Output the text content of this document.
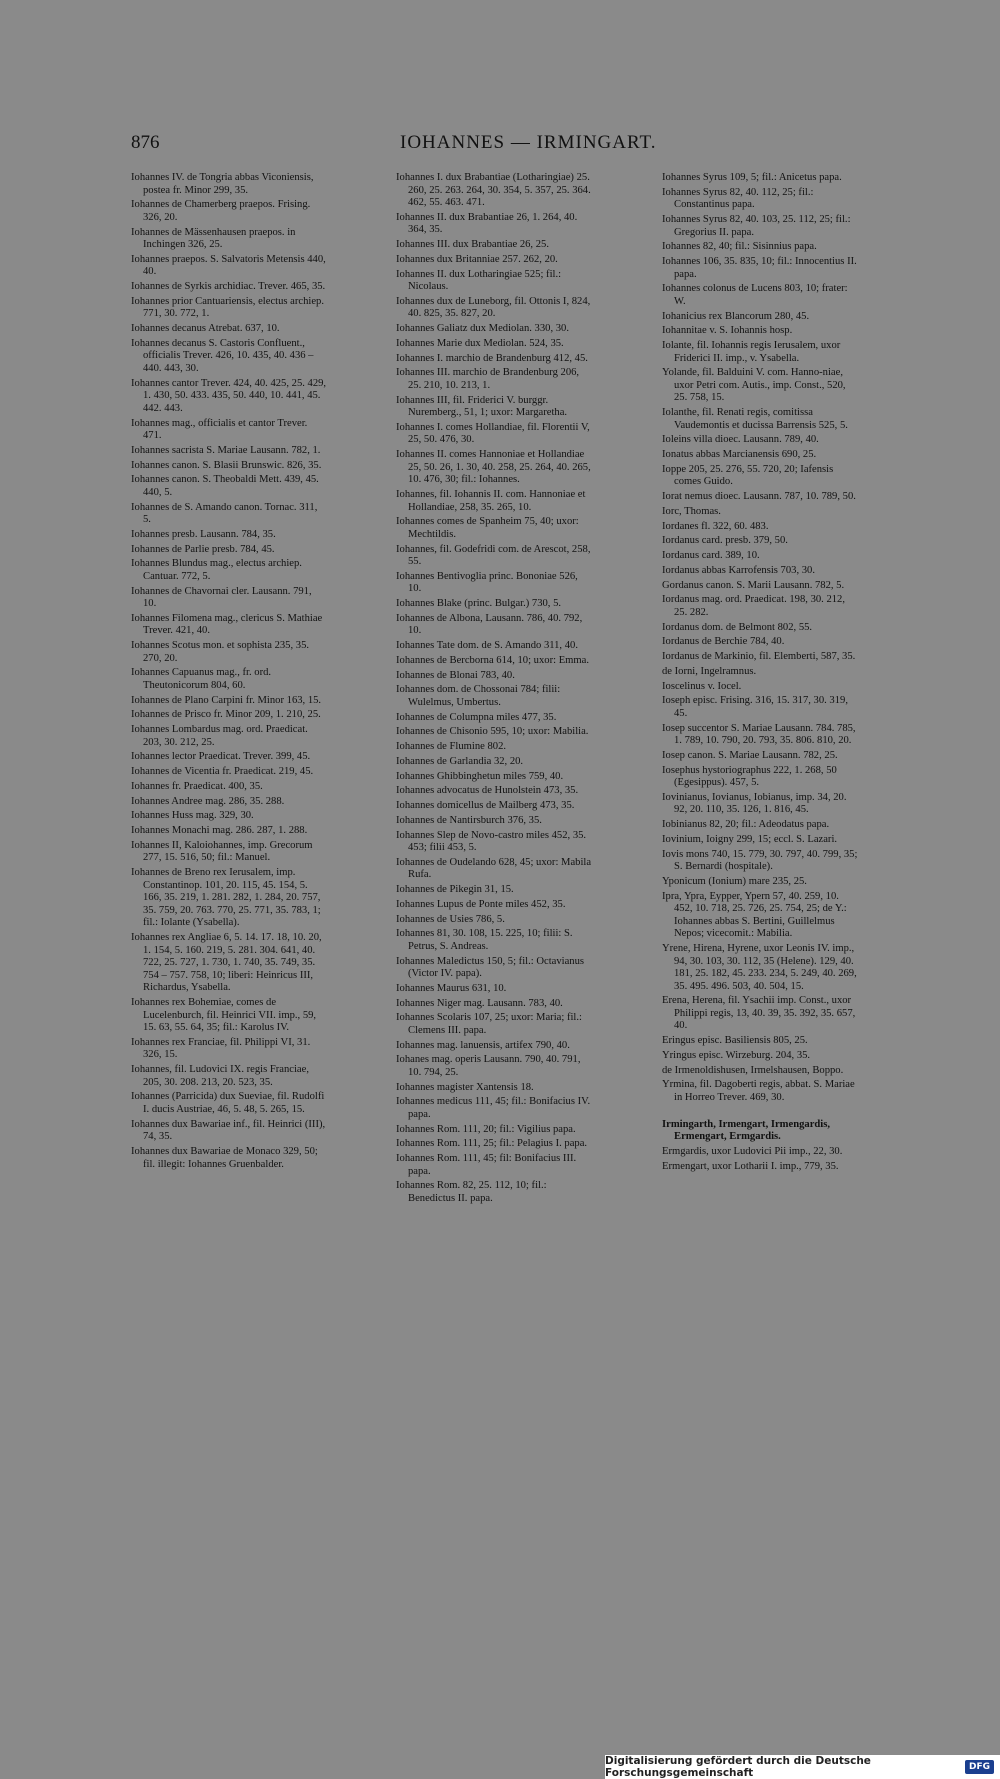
876	IOHANNES — IRMINGART.
Iohannes IV. de Tongria abbas Viconiensis, postea fr. Minor 299, 35.
Iohannes de Chamerberg praepos. Frising. 326, 20.
Iohannes de Mässenhausen praepos. in Inchingen 326, 25.
Iohannes praepos. S. Salvatoris Metensis 440, 40.
Iohannes de Syrkis archidiac. Trever. 465, 35.
Iohannes prior Cantuariensis, electus archiep. 771, 30. 772, 1.
Iohannes decanus Atrebat. 637, 10.
Iohannes decanus S. Castoris Confluent., officialis Trever. 426, 10. 435, 40. 436 – 440. 443, 30.
Iohannes cantor Trever. 424, 40. 425, 25. 429, 1. 430, 50. 433. 435, 50. 440, 10. 441, 45. 442. 443.
Iohannes mag., officialis et cantor Trever. 471.
Iohannes sacrista S. Mariae Lausann. 782, 1.
Iohannes canon. S. Blasii Brunswic. 826, 35.
Iohannes canon. S. Theobaldi Mett. 439, 45. 440, 5.
Iohannes de S. Amando canon. Tornac. 311, 5.
Iohannes presb. Lausann. 784, 35.
Iohannes de Parlie presb. 784, 45.
Iohannes Blundus mag., electus archiep. Cantuar. 772, 5.
Iohannes de Chavornai cler. Lausann. 791, 10.
Iohannes Filomena mag., clericus S. Mathiae Trever. 421, 40.
Iohannes Scotus mon. et sophista 235, 35. 270, 20.
Iohannes Capuanus mag., fr. ord. Theutonicorum 804, 60.
Iohannes de Plano Carpini fr. Minor 163, 15.
Iohannes de Prisco fr. Minor 209, 1. 210, 25.
Iohannes Lombardus mag. ord. Praedicat. 203, 30. 212, 25.
Iohannes lector Praedicat. Trever. 399, 45.
Iohannes de Vicentia fr. Praedicat. 219, 45.
Iohannes fr. Praedicat. 400, 35.
Iohannes Andree mag. 286, 35. 288.
Iohannes Huss mag. 329, 30.
Iohannes Monachi mag. 286. 287, 1. 288.
Iohannes II, Kaloiohannes, imp. Grecorum 277, 15. 516, 50; fil.: Manuel.
Iohannes de Breno rex Ierusalem, imp. Constantinop. 101, 20. 115, 45. 154, 5. 166, 35. 219, 1. 281. 282, 1. 284, 20. 757, 35. 759, 20. 763. 770, 25. 771, 35. 783, 1; fil.: Iolante (Ysabella).
Iohannes rex Angliae 6, 5. 14. 17. 18, 10. 20, 1. 154, 5. 160. 219, 5. 281. 304. 641, 40. 722, 25. 727, 1. 730, 1. 740, 35. 749, 35. 754 – 757. 758, 10; liberi: Heinricus III, Richardus, Ysabella.
Iohannes rex Bohemiae, comes de Lucelenburch, fil. Heinrici VII. imp., 59, 15. 63, 55. 64, 35; fil.: Karolus IV.
Iohannes rex Franciae, fil. Philippi VI, 31. 326, 15.
Iohannes, fil. Ludovici IX. regis Franciae, 205, 30. 208. 213, 20. 523, 35.
Iohannes (Parricida) dux Sueviae, fil. Rudolfi I. ducis Austriae, 46, 5. 48, 5. 265, 15.
Iohannes dux Bawariae inf., fil. Heinrici (III), 74, 35.
Iohannes dux Bawariae de Monaco 329, 50; fil. illegit: Iohannes Gruenbalder.
Iohannes I. dux Brabantiae (Lotharingiae) 25. 260, 25. 263. 264, 30. 354, 5. 357, 25. 364. 462, 55. 463. 471.
Iohannes II. dux Brabantiae 26, 1. 264, 40. 364, 35.
Iohannes III. dux Brabantiae 26, 25.
Iohannes dux Britanniae 257. 262, 20.
Iohannes II. dux Lotharingiae 525; fil.: Nicolaus.
Iohannes dux de Luneborg, fil. Ottonis I, 824, 40. 825, 35. 827, 20.
Iohannes Galiatz dux Mediolan. 330, 30.
Iohannes Marie dux Mediolan. 524, 35.
Iohannes I. marchio de Brandenburg 412, 45.
Iohannes III. marchio de Brandenburg 206, 25. 210, 10. 213, 1.
Iohannes III, fil. Friderici V. burggr. Nuremberg., 51, 1; uxor: Margaretha.
Iohannes I. comes Hollandiae, fil. Florentii V, 25, 50. 476, 30.
Iohannes II. comes Hannoniae et Hollandiae 25, 50. 26, 1. 30, 40. 258, 25. 264, 40. 265, 10. 476, 30; fil.: Iohannes.
Iohannes, fil. Iohannis II. com. Hannoniae et Hollandiae, 258, 35. 265, 10.
Iohannes comes de Spanheim 75, 40; uxor: Mechtildis.
Iohannes, fil. Godefridi com. de Arescot, 258, 55.
Iohannes Bentivoglia princ. Bononiae 526, 10.
Iohannes Blake (princ. Bulgar.) 730, 5.
Iohannes de Albona, Lausann. 786, 40. 792, 10.
Iohannes Tate dom. de S. Amando 311, 40.
Iohannes de Bercborna 614, 10; uxor: Emma.
Iohannes de Blonai 783, 40.
Iohannes dom. de Chossonai 784; filii: Wulelmus, Umbertus.
Iohannes de Columpna miles 477, 35.
Iohannes de Chisonio 595, 10; uxor: Mabilia.
Iohannes de Flumine 802.
Iohannes de Garlandia 32, 20.
Iohannes Ghibbinghetun miles 759, 40.
Iohannes advocatus de Hunolstein 473, 35.
Iohannes domicellus de Mailberg 473, 35.
Iohannes de Nantirsburch 376, 35.
Iohannes Slep de Novo-castro miles 452, 35. 453; filii 453, 5.
Iohannes de Oudelando 628, 45; uxor: Mabila Rufa.
Iohannes de Pikegin 31, 15.
Iohannes Lupus de Ponte miles 452, 35.
Iohannes de Usies 786, 5.
Iohannes 81, 30. 108, 15. 225, 10; filii: S. Petrus, S. Andreas.
Iohannes Maledictus 150, 5; fil.: Octavianus (Victor IV. papa).
Iohannes Maurus 631, 10.
Iohannes Niger mag. Lausann. 783, 40.
Iohannes Scolaris 107, 25; uxor: Maria; fil.: Clemens III. papa.
Iohannes mag. lanuensis, artifex 790, 40.
Iohanes mag. operis Lausann. 790, 40. 791, 10. 794, 25.
Iohannes magister Xantensis 18.
Iohannes medicus 111, 45; fil.: Bonifacius IV. papa.
Iohannes Rom. 111, 20; fil.: Vigilius papa.
Iohannes Rom. 111, 25; fil.: Pelagius I. papa.
Iohannes Rom. 111, 45; fil: Bonifacius III. papa.
Iohannes Rom. 82, 25. 112, 10; fil.: Benedictus II. papa.
Iohannes Syrus 109, 5; fil.: Anicetus papa.
Iohannes Syrus 82, 40. 112, 25; fil.: Constantinus papa.
Iohannes Syrus 82, 40. 103, 25. 112, 25; fil.: Gregorius II. papa.
Iohannes 82, 40; fil.: Sisinnius papa.
Iohannes 106, 35. 835, 10; fil.: Innocentius II. papa.
Iohannes colonus de Lucens 803, 10; frater: W.
Iohanicius rex Blancorum 280, 45.
Iohannitae v. S. Iohannis hosp.
Iolante, fil. Iohannis regis Ierusalem, uxor Friderici II. imp., v. Ysabella.
Yolande, fil. Balduini V. com. Hanno-niae, uxor Petri com. Autis., imp. Const., 520, 25. 758, 15.
Iolanthe, fil. Renati regis, comitissa Vaudemontis et ducissa Barrensis 525, 5.
Ioleins villa dioec. Lausann. 789, 40.
Ionatus abbas Marcianensis 690, 25.
Ioppe 205, 25. 276, 55. 720, 20; Iafensis comes Guido.
Iorat nemus dioec. Lausann. 787, 10. 789, 50.
Iorc, Thomas.
Iordanes fl. 322, 60. 483.
Iordanus card. presb. 379, 50.
Iordanus card. 389, 10.
Iordanus abbas Karrofensis 703, 30.
Gordanus canon. S. Marii Lausann. 782, 5.
Iordanus mag. ord. Praedicat. 198, 30. 212, 25. 282.
Iordanus dom. de Belmont 802, 55.
Iordanus de Berchie 784, 40.
Iordanus de Markinio, fil. Elemberti, 587, 35.
de Iorni, Ingelramnus.
Ioscelinus v. Iocel.
Ioseph episc. Frising. 316, 15. 317, 30. 319, 45.
Iosep succentor S. Mariae Lausann. 784. 785, 1. 789, 10. 790, 20. 793, 35. 806. 810, 20.
Iosep canon. S. Mariae Lausann. 782, 25.
Iosephus hystoriographus 222, 1. 268, 50 (Egesippus). 457, 5.
Iovinianus, Iovianus, Iobianus, imp. 34, 20. 92, 20. 110, 35. 126, 1. 816, 45.
Iobinianus 82, 20; fil.: Adeodatus papa.
Iovinium, Ioigny 299, 15; eccl. S. Lazari.
Iovis mons 740, 15. 779, 30. 797, 40. 799, 35; S. Bernardi (hospitale).
Yponicum (Ionium) mare 235, 25.
Ipra, Ypra, Eypper, Ypern 57, 40. 259, 10. 452, 10. 718, 25. 726, 25. 754, 25; de Y.: Iohannes abbas S. Bertini, Guillelmus Nepos; vicecomit.: Mabilia.
Yrene, Hirena, Hyrene, uxor Leonis IV. imp., 94, 30. 103, 30. 112, 35 (Helene). 129, 40. 181, 25. 182, 45. 233. 234, 5. 249, 40. 269, 35. 495. 496. 503, 40. 504, 15.
Erena, Herena, fil. Ysachii imp. Const., uxor Philippi regis, 13, 40. 39, 35. 392, 35. 657, 40.
Eringus episc. Basiliensis 805, 25.
Yringus episc. Wirzeburg. 204, 35.
de Irmenoldishusen, Irmelshausen, Boppo.
Yrmina, fil. Dagoberti regis, abbat. S. Mariae in Horreo Trever. 469, 30.
Irmingarth, Irmengart, Irmengardis, Ermengart, Ermgardis.
Ermgardis, uxor Ludovici Pii imp., 22, 30.
Ermengart, uxor Lotharii I. imp., 779, 35.
Digitalisierung gefördert durch die Deutsche Forschungsgemeinschaft	DFG
